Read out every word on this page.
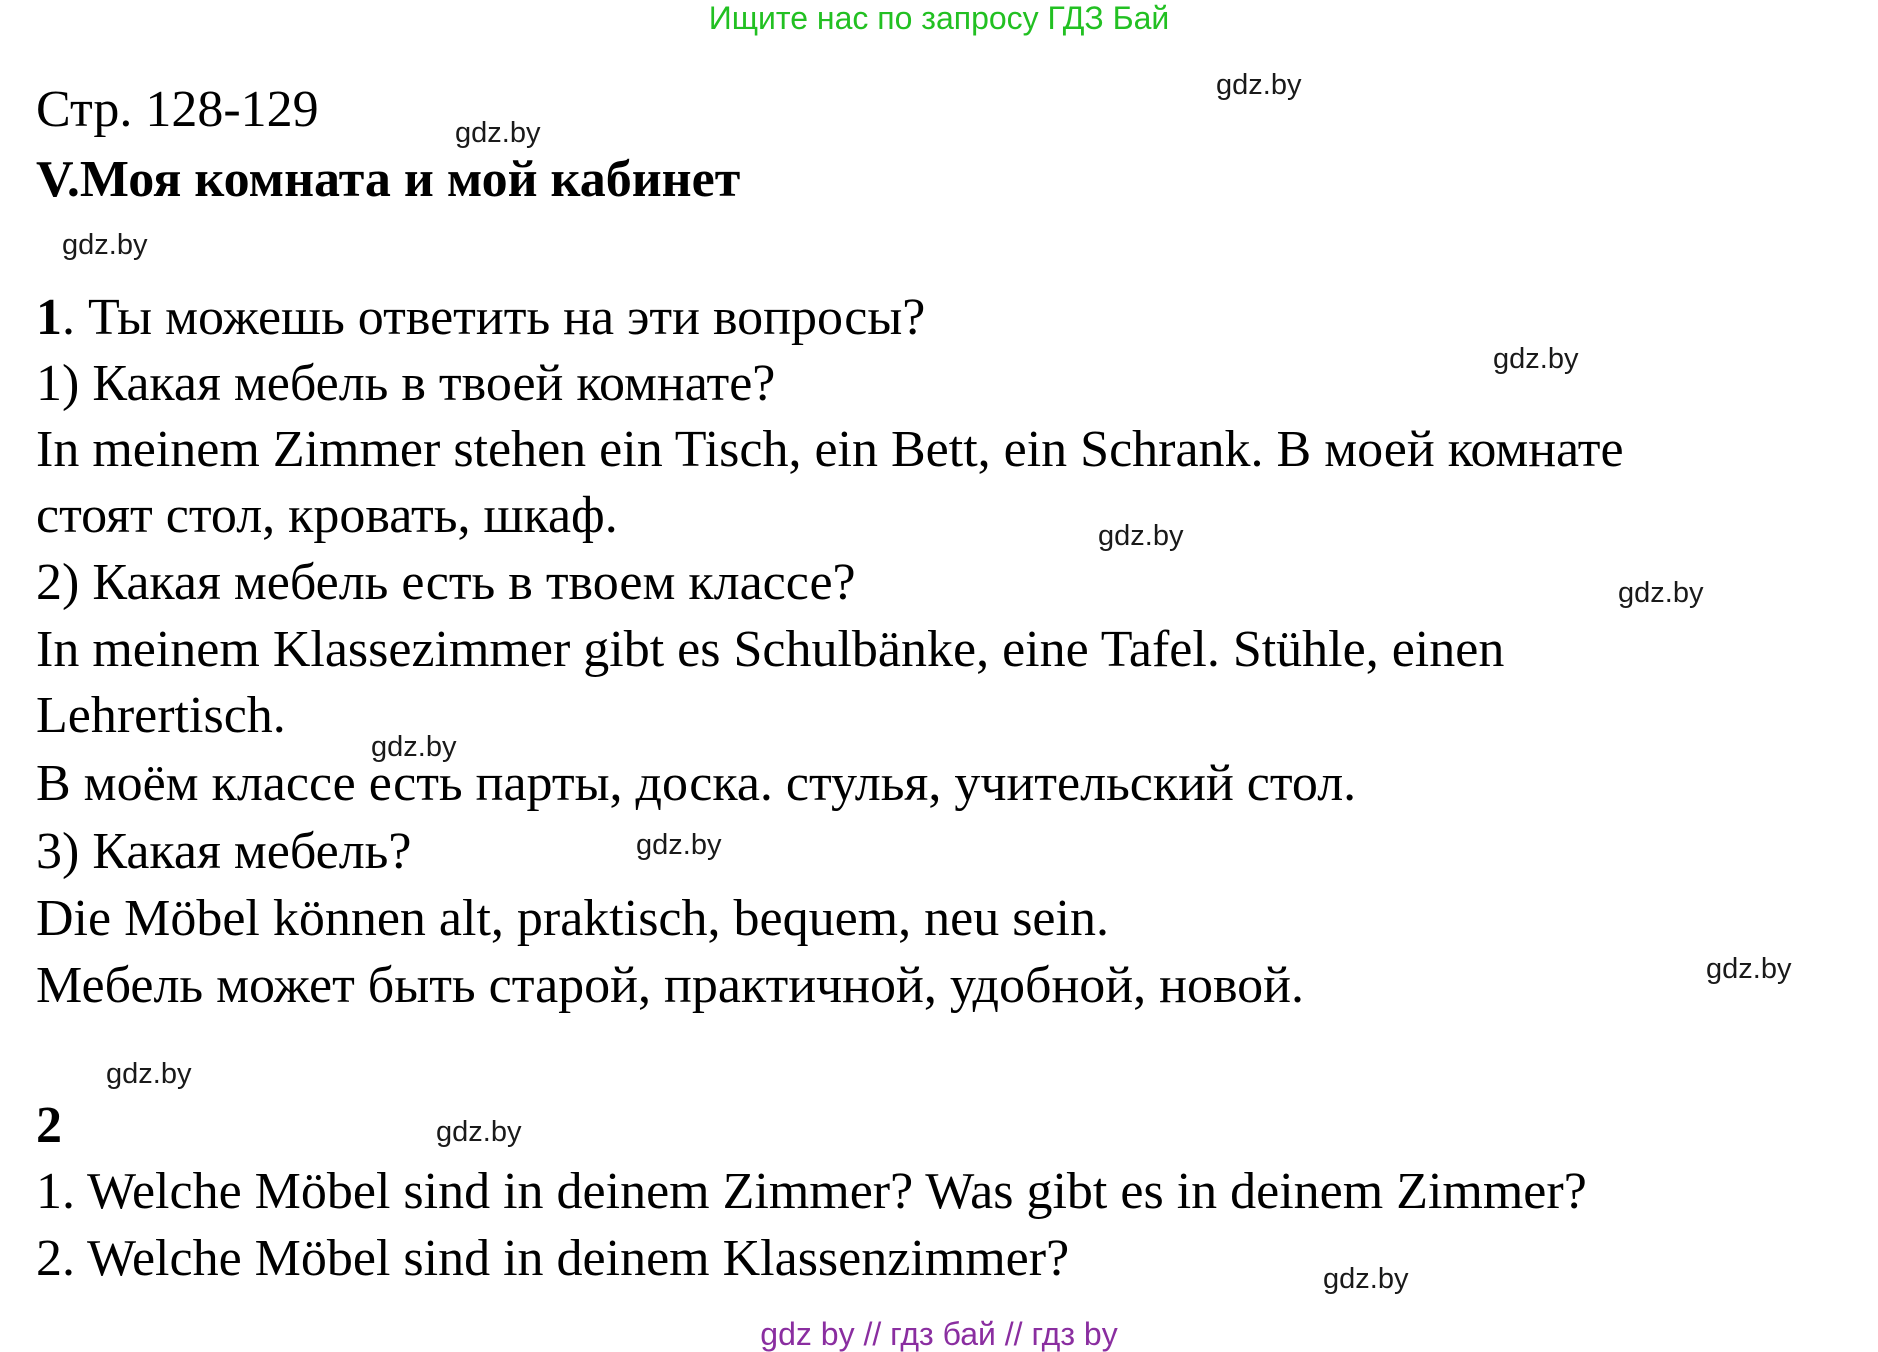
Ищите нас по запросу ГДЗ Бай
Стр. 128-129
V.Моя комната и мой кабинет
1. Ты можешь ответить на эти вопросы?
1) Какая мебель в твоей комнате?
In meinem Zimmer stehen ein Tisch, ein Bett, ein Schrank. В моей комнате
стоят стол, кровать, шкаф.
2) Какая мебель есть в твоем классе?
In meinem Klassezimmer gibt es Schulbänke, eine Tafel. Stühle, einen
Lehrertisch.
В моём классе есть парты, доска. стулья, учительский стол.
3) Какая мебель?
Die Möbel können alt, praktisch, bequem, neu sein.
Мебель может быть старой, практичной, удобной, новой.
2
1. Welche Möbel sind in deinem Zimmer? Was gibt es in deinem Zimmer?
2. Welche Möbel sind in deinem Klassenzimmer?
gdz.by
gdz.by
gdz.by
gdz.by
gdz.by
gdz.by
gdz.by
gdz.by
gdz.by
gdz.by
gdz.by
gdz.by
gdz by // гдз бай // гдз by
